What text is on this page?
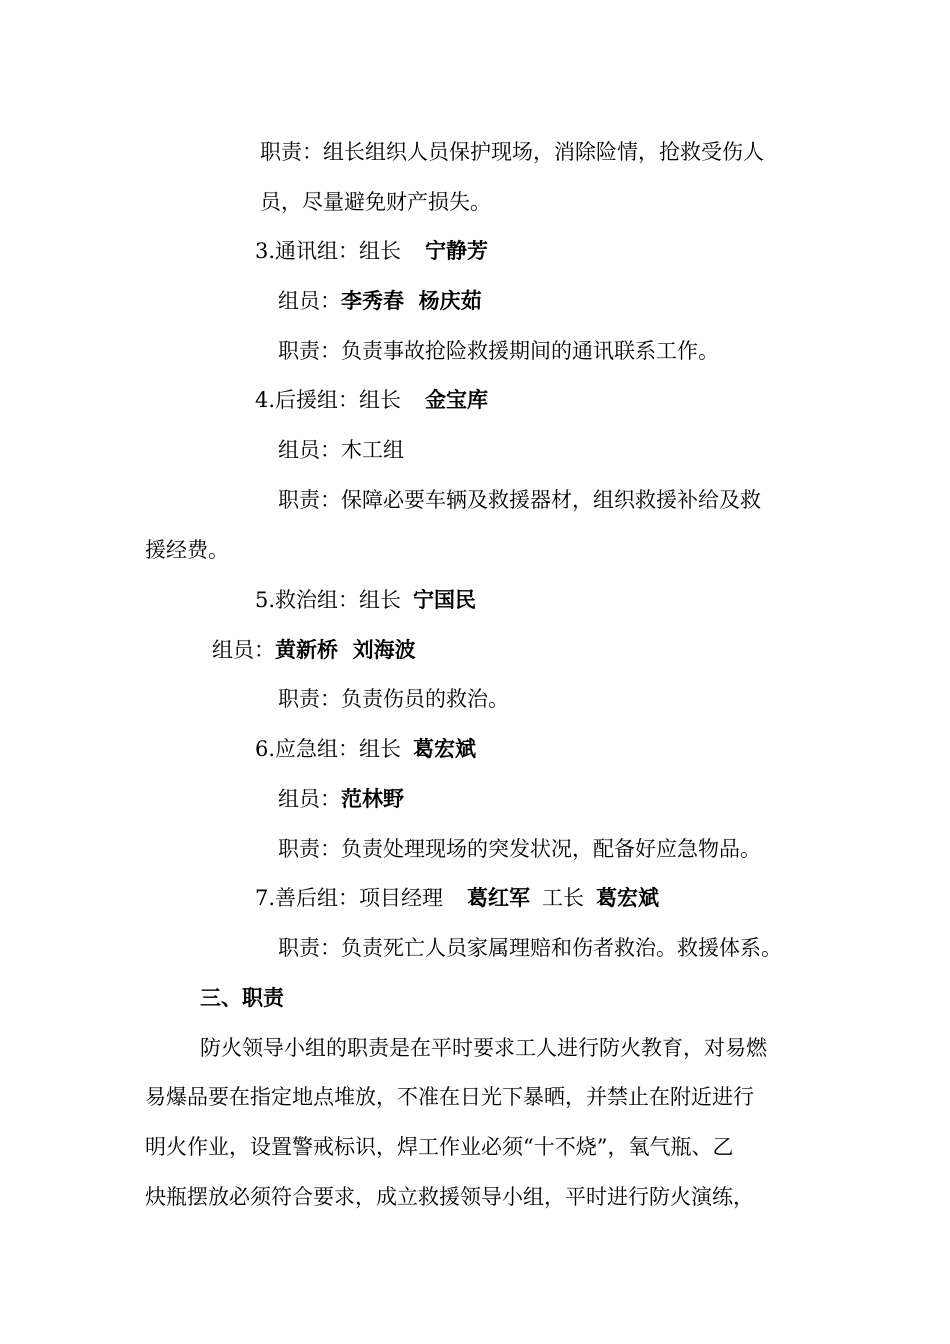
职责：组长组织人员保护现场，消除险情，抢救受伤人
员，尽量避免财产损失。
3.通讯组：组长 宁静芳
组员：李秀春  杨庆茹
职责：负责事故抢险救援期间的通讯联系工作。
4.后援组：组长 金宝库
组员：木工组
职责：保障必要车辆及救援器材，组织救援补给及救
援经费。
5.救治组：组长 宁国民
组员：黄新桥  刘海波
职责：负责伤员的救治。
6.应急组：组长 葛宏斌
组员：范林野
职责：负责处理现场的突发状况，配备好应急物品。
7.善后组：项目经理 葛红军 工长 葛宏斌
职责：负责死亡人员家属理赔和伤者救治。救援体系。
三、职责
防火领导小组的职责是在平时要求工人进行防火教育，对易燃
易爆品要在指定地点堆放，不准在日光下暴晒，并禁止在附近进行
明火作业，设置警戒标识，焊工作业必须“十不烧”，氧气瓶、乙
炔瓶摆放必须符合要求，成立救援领导小组，平时进行防火演练，
